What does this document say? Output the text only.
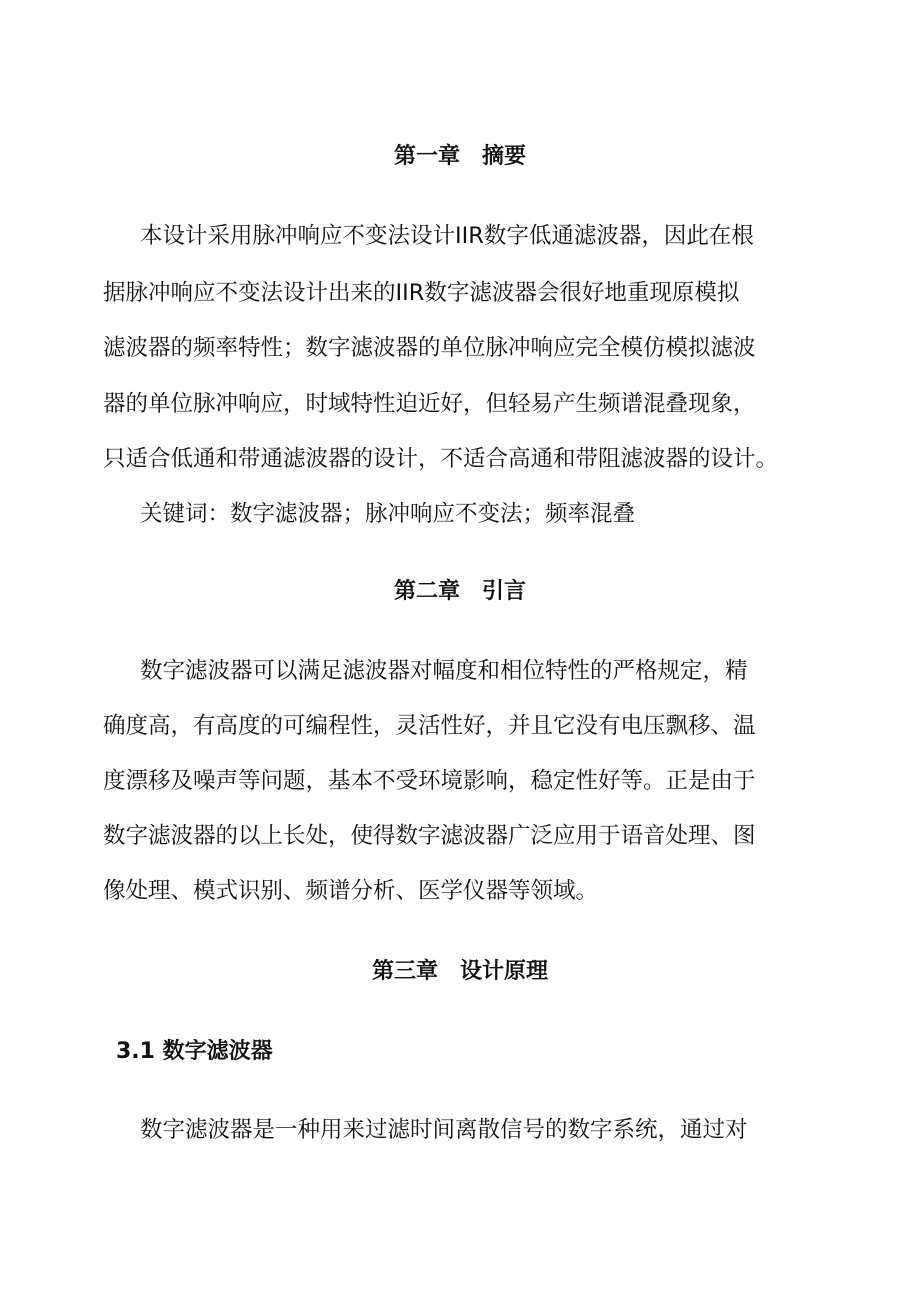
第一章　摘要
本设计采用脉冲响应不变法设计IIR数字低通滤波器，因此在根
据脉冲响应不变法设计出来的IIR数字滤波器会很好地重现原模拟
滤波器的频率特性；数字滤波器的单位脉冲响应完全模仿模拟滤波
器的单位脉冲响应，时域特性迫近好，但轻易产生频谱混叠现象，
只适合低通和带通滤波器的设计，不适合高通和带阻滤波器的设计。
关键词：数字滤波器；脉冲响应不变法；频率混叠
第二章　引言
数字滤波器可以满足滤波器对幅度和相位特性的严格规定，精
确度高，有高度的可编程性，灵活性好，并且它没有电压飘移、温
度漂移及噪声等问题，基本不受环境影响，稳定性好等。正是由于
数字滤波器的以上长处，使得数字滤波器广泛应用于语音处理、图
像处理、模式识别、频谱分析、医学仪器等领域。
第三章　设计原理
3.1 数字滤波器
数字滤波器是一种用来过滤时间离散信号的数字系统，通过对
